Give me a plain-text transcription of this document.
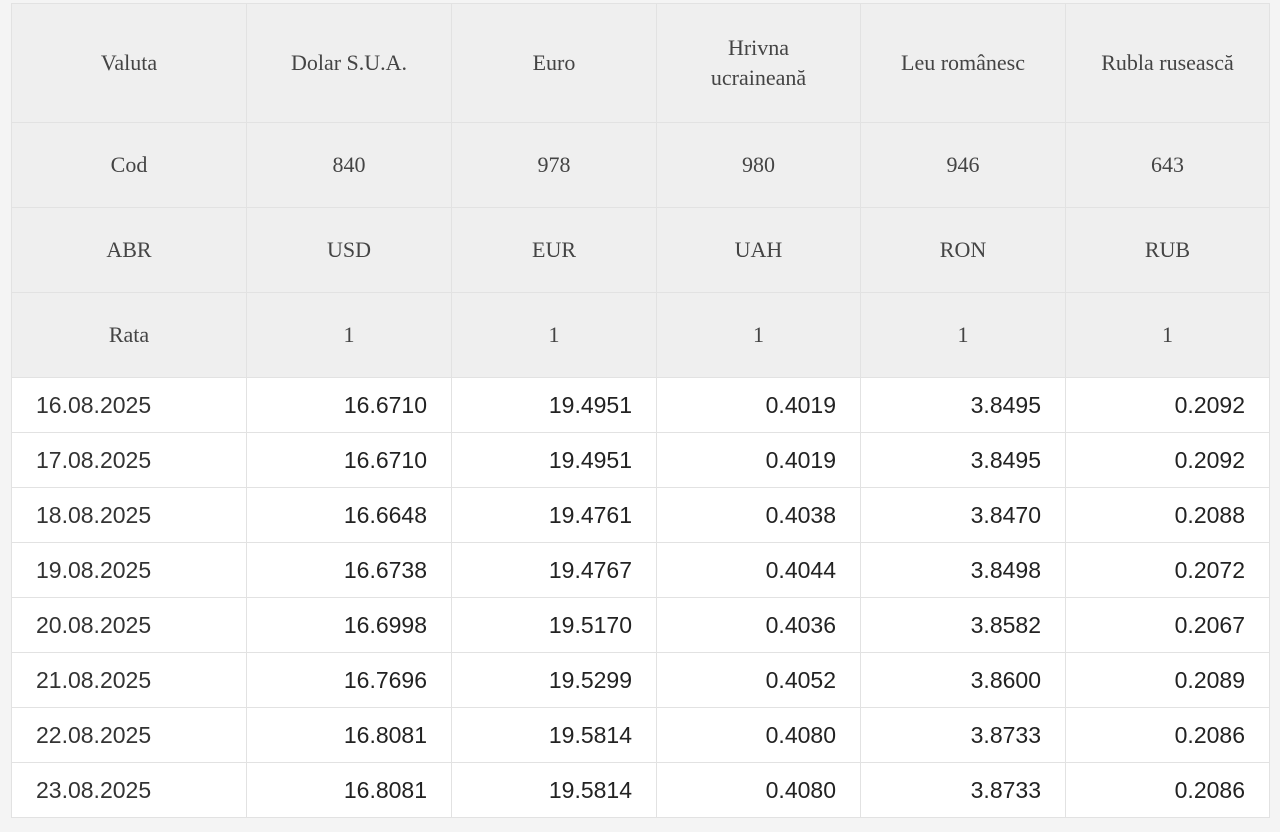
Valuta	Dolar S.U.A.	Euro	Hrivna ucraineană	Leu românesc	Rubla rusească
Cod	840	978	980	946	643
ABR	USD	EUR	UAH	RON	RUB
Rata	1	1	1	1	1
16.08.2025	16.6710	19.4951	0.4019	3.8495	0.2092
17.08.2025	16.6710	19.4951	0.4019	3.8495	0.2092
18.08.2025	16.6648	19.4761	0.4038	3.8470	0.2088
19.08.2025	16.6738	19.4767	0.4044	3.8498	0.2072
20.08.2025	16.6998	19.5170	0.4036	3.8582	0.2067
21.08.2025	16.7696	19.5299	0.4052	3.8600	0.2089
22.08.2025	16.8081	19.5814	0.4080	3.8733	0.2086
23.08.2025	16.8081	19.5814	0.4080	3.8733	0.2086
